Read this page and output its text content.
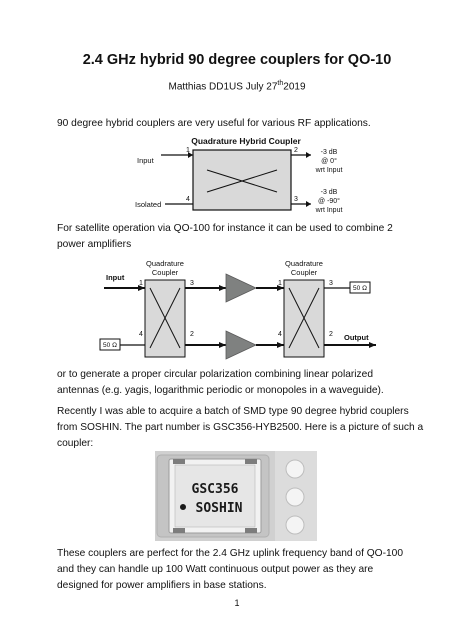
2.4 GHz hybrid 90 degree couplers for QO-10
Matthias DD1US July 27th2019
90 degree hybrid couplers are very useful for various RF applications.
Quadrature Hybrid Coupler
1	2
4	3
Input
Isolated
-3 dB
@ 0°
wrt Input
-3 dB
@ -90°
wrt Input
For satellite operation via QO-100 for instance it can be used to combine 2
power amplifiers
Quadrature
Coupler
Quadrature
Coupler
Input
1	3
4	2
50 Ω
1	3
4	2
50 Ω
Output
or to generate a proper circular polarization combining linear polarized
antennas (e.g. yagis, logarithmic periodic or monopoles in a waveguide).
Recently I was able to acquire a batch of SMD type 90 degree hybrid couplers
from SOSHIN. The part number is GSC356-HYB2500. Here is a picture of such a
coupler:
GSC356
SOSHIN
These couplers are perfect for the 2.4 GHz uplink frequency band of QO-100
and they can handle up 100 Watt continuous output power as they are
designed for power amplifiers in base stations.
1
